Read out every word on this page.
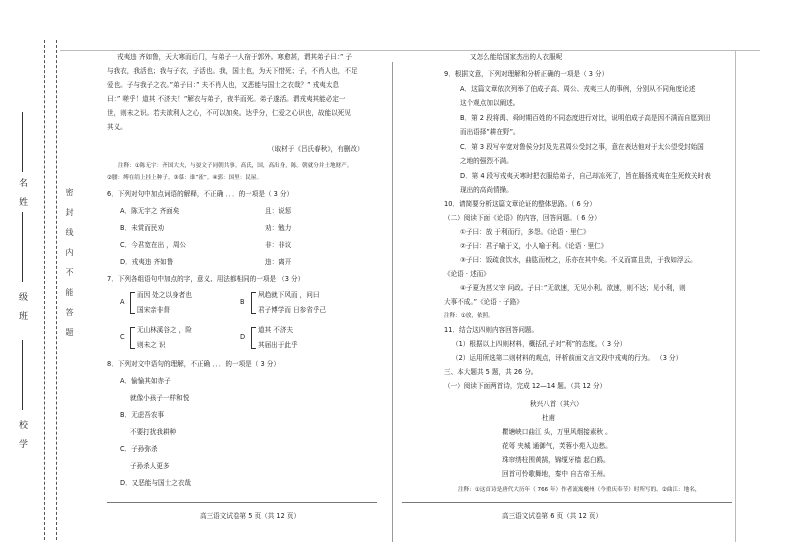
名姓
级班
校学
密
封
线
内
不
能
答
题
戎夷违 齐如鲁，天大寒而后门，与弟子一人宿于郭外。寒愈甚，谓其弟子曰：” 子
与我衣，我活也；我与子衣，子活也。我，国士也，为天下惜死；子，不肖人也，不足
爱也。子与我子之衣。”弟子曰：” 夫不肖人也，又恶能与国士之衣哉？” 戎夷太息
曰：” 嗟乎！道其 不济夫！”解衣与弟子，夜半而死。弟子遂活。谓戎夷其能必定一
世，则未之识。若夫欲利人之心，不可以加矣。达乎分，仁爱之心识也，故能以死见
其义。
（取材于《吕氏春秋》，有删改）
注释：①陈无宇：齐国大夫，与晏文子同朝共事。高氏，国，高出身，陈。朝就分并土地财产。
②腰：缚在绢上挂上种子。③慕：谁”雀”。④郭：国里：民屋。
6．下列对句中加点词语的解释，不正确 ．．．的一项是（ 3 分）
A．陈无宇之 齐面矣	且：说惩
B．未赏而民劝	劝：勉力
C．今君宽在出 ，周公	非：非议
D．戎夷违 齐如鲁	违：离开
7．下列各组语句中加点的字，意义、用法都相同的一项是 （3 分）
A
而因 处之以身者也
国宋亲非督
B
夙趋就下风而 ，问曰
君子博学而 日参省乎己
C
无山林溪谷之 ，险
则未之 识
D
道其 不济夫
其届出于此乎
8．下列对文中语句的理解，不正确 ．．．的一项是（ 3 分）
A．愉愉其如赤子
就像小孩子一样和悦
B．无虑吾农事
不要打扰我耕种
C．子孙弥杀
子孙杀人更多
D．又恶能与国士之衣哉
高三语文试卷第 5 页（共 12 页）
又怎么能给国家杰出的人衣服呢
9．根据文意，下列对理解和分析正确的一项是（ 3 分）
A．这篇文章依次列举了伯成子高、周公、戎夷三人的事例，分别从不同角度论述
这个观点加以阐述。
B．第 2 段将禹、舜时期百姓的不同态度进行对比，说明伯成子高是因不满而自愿到田
而出语择”耕在野”。
C．第 3 段写辛宽对鲁侯分封及先君周公受封之事，意在表达他对于太公望受封始国
之地的强烈不满。
D．第 4 段写戎夷天寒时把衣服给弟子，自己却冻死了，旨在肠扬戎夷在生死攸关时表
现出的高尚情操。
10．请简要分析这篇文章论证的整体思路。（ 6 分）
（二）阅读下面《论语》的内容，回答问题。（ 6 分）
①子曰：放 于利而行，多怨。《论语 · 里仁》
②子曰：君子喻于义，小人喻于利。《论语 · 里仁》
③子曰：饭疏食饮水，曲肱而枕之，乐亦在其中矣。不义而富且贵，于我如浮云。
《论语 · 述而》
④子夏为莒父宰 问政。子曰：”无欲速，无见小利。欲速，则不达；见小利，则
大事不成。”《论语 · 子路》
注释：①放，依照。
11．结合这四则内容回答问题。
（1）根据以上四则材料，概括孔子对”利”的态度。（ 3 分）
（2）运用所选第二则材料的观点，评析前面文言文段中戎夷的行为。 （3 分）
三、本大题共 5 题，共 26 分。
（一）阅读下面两首诗，完成 12—14 题。（共 12 分）
秋兴八首（其六）
杜甫
瞿塘峡口曲江 头，万里风烟接素秋 。
花萼 夹城 通御气，芙蓉小苑入边愁。
珠帘绣柱围黄鹄，锦缆牙樯 起白鸥。
回首可怜歌舞地，秦中 自古帝王州。
注释：①这首诗是唐代大历年（ 766 年）作者流寓夔州（今重庆奉节）时所写的。②曲江：地名，
高三语文试卷第 6 页（共 12 页）
